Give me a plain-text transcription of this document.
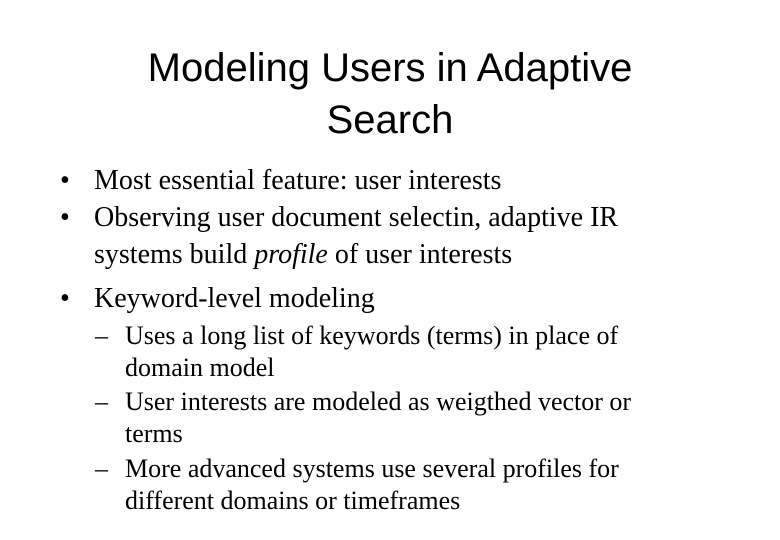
Modeling Users in Adaptive
Search
• Most essential feature: user interests
• Observing user document selectin, adaptive IR
systems build profile of user interests
• Keyword-level modeling
– Uses a long list of keywords (terms) in place of
domain model
– User interests are modeled as weigthed vector or
terms
– More advanced systems use several profiles for
different domains or timeframes
